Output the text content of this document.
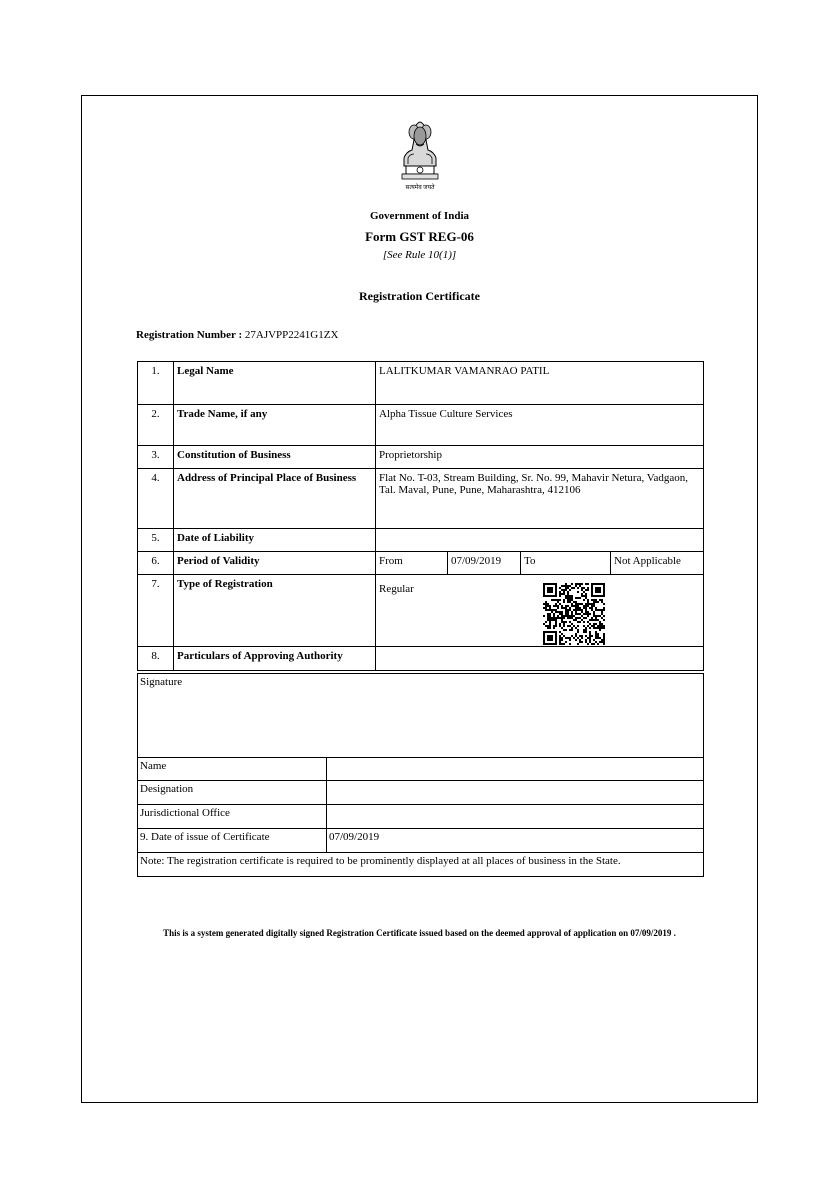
सत्यमेव जयते
Government of India
Form GST REG-06
[See Rule 10(1)]
Registration Certificate
Registration Number : 27AJVPP2241G1ZX
1.	Legal Name	LALITKUMAR VAMANRAO PATIL			
2.	Trade Name, if any	Alpha Tissue Culture Services			
3.	Constitution of Business	Proprietorship			
4.	Address of Principal Place of Business	Flat No. T-03, Stream Building, Sr. No. 99, Mahavir Netura, Vadgaon, Tal. Maval, Pune, Pune, Maharashtra, 412106			
5.	Date of Liability				
6.	Period of Validity	From	07/09/2019	To	Not Applicable
7.	Type of Registration	Regular			

8.	Particulars of Approving Authority				
Signature	
Name	
Designation	
Jurisdictional Office	
9. Date of issue of Certificate	07/09/2019
Note: The registration certificate is required to be prominently displayed at all places of business in the State.	
This is a system generated digitally signed Registration Certificate issued based on the deemed approval of application on 07/09/2019 .
